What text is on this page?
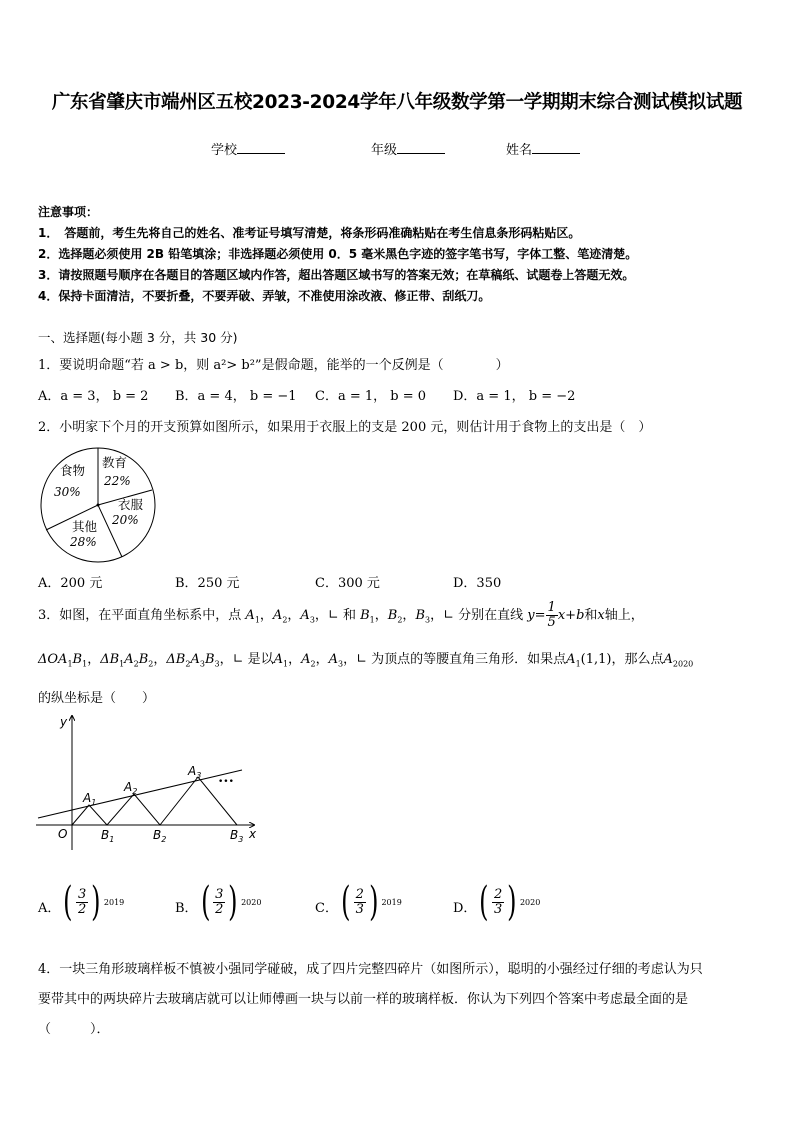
广东省肇庆市端州区五校2023-2024学年八年级数学第一学期期末综合测试模拟试题
学校	年级	姓名
注意事项：
1．　答题前，考生先将自己的姓名、准考证号填写清楚，将条形码准确粘贴在考生信息条形码粘贴区。
2．选择题必须使用 2B 铅笔填涂；非选择题必须使用 0．5 毫米黑色字迹的签字笔书写，字体工整、笔迹清楚。
3．请按照题号顺序在各题目的答题区域内作答，超出答题区域书写的答案无效；在草稿纸、试题卷上答题无效。
4．保持卡面清洁，不要折叠，不要弄破、弄皱，不准使用涂改液、修正带、刮纸刀。
一、选择题(每小题 3 分，共 30 分)
1．要说明命题“若 a > b，则 a²> b²”是假命题，能举的一个反例是（　　　　）
A．a = 3， b = 2 B．a = 4， b = −1 C．a = 1， b = 0 D．a = 1， b = −2
2．小明家下个月的开支预算如图所示，如果用于衣服上的支是 200 元，则估计用于食物上的支出是（　）
食物
30%
教育
22%
衣服
20%
其他
28%
A．200 元	B．250 元	C．300 元	D．350
3．如图，在平面直角坐标系中，点 $A_1$，$A_2$，$A_3$，∟ 和 $B_1$，$B_2$，$B_3$，∟ 分别在直线 $y= \frac{1}{5} x+b$和x轴上，
$\Delta OA_1B_1$，$\Delta B_1A_2B_2$，$\Delta B_2A_3B_3$，∟ 是以$A_1$，$A_2$，$A_3$，∟ 为顶点的等腰直角三角形．如果点$A_1(1,1)$，那么点$A_{2020}$
的纵坐标是（　　）
y
x
O
$A_1$
$A_2$
$A_3$
$B_1$	$B_2$	$B_3$
•••
A． ( $\frac{3}{2}$ ) 2019	B． ( $\frac{3}{2}$ ) 2020	C． ( $\frac{2}{3}$ ) 2019	D． ( $\frac{2}{3}$ ) 2020
4．一块三角形玻璃样板不慎被小强同学碰破，成了四片完整四碎片（如图所示），聪明的小强经过仔细的考虑认为只
要带其中的两块碎片去玻璃店就可以让师傅画一块与以前一样的玻璃样板．你认为下列四个答案中考虑最全面的是
（　　　）．
